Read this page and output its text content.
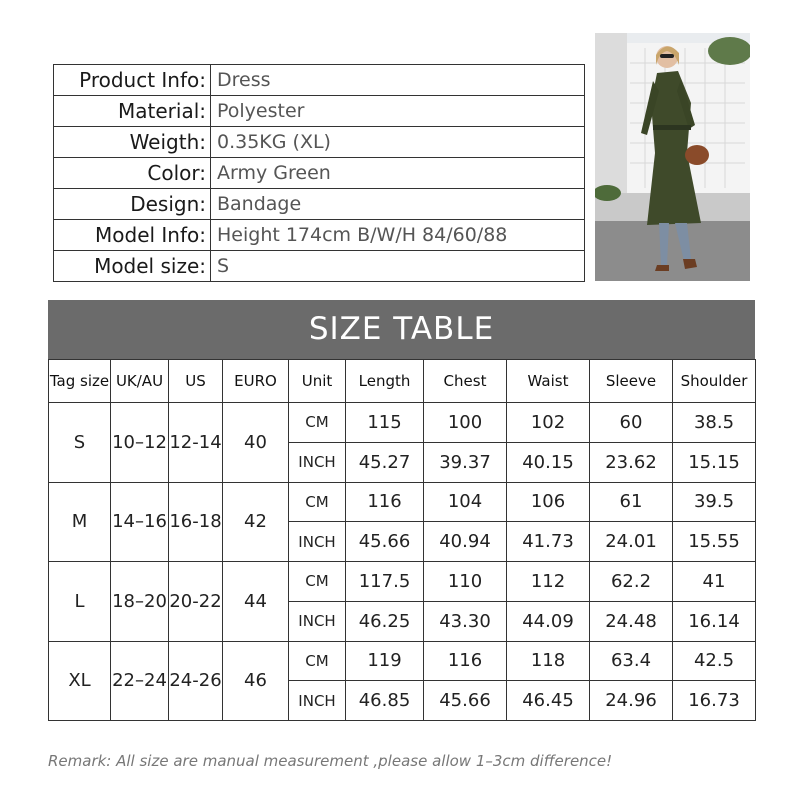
Product Info:	Dress
Material:	Polyester
Weigth:	0.35KG (XL)
Color:	Army Green
Design:	Bandage
Model Info:	Height 174cm B/W/H 84/60/88
Model size:	S
SIZE TABLE
Tag size	UK/AU	US	EURO	Unit	Length	Chest	Waist	Sleeve	Shoulder
S	10–12	12-14	40	CM	115	100	102	60	38.5
				INCH	45.27	39.37	40.15	23.62	15.15
M	14–16	16-18	42	CM	116	104	106	61	39.5
				INCH	45.66	40.94	41.73	24.01	15.55
L	18–20	20-22	44	CM	117.5	110	112	62.2	41
				INCH	46.25	43.30	44.09	24.48	16.14
XL	22–24	24-26	46	CM	119	116	118	63.4	42.5
				INCH	46.85	45.66	46.45	24.96	16.73
Remark: All size are manual measurement ,please allow 1–3cm difference!
